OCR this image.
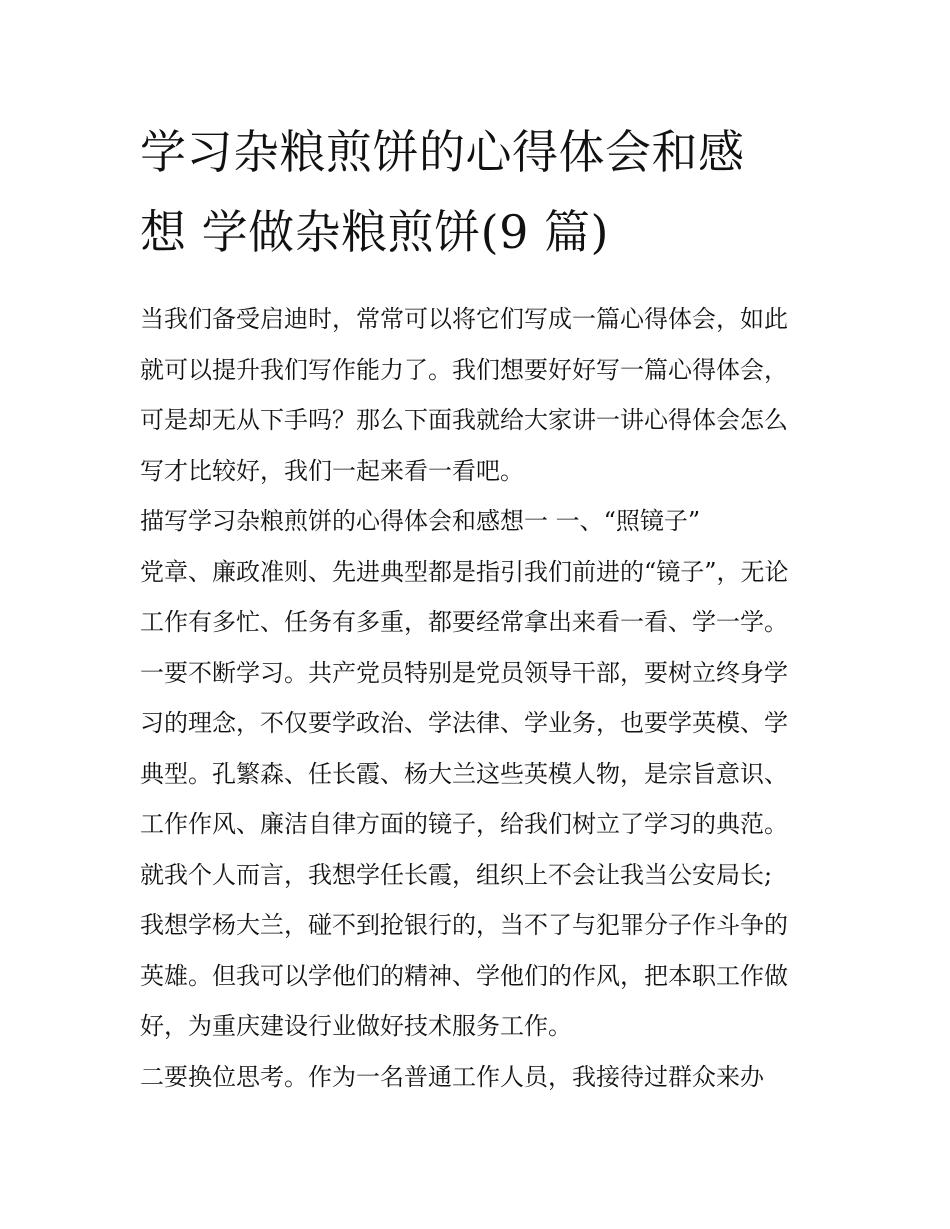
学习杂粮煎饼的心得体会和感
想 学做杂粮煎饼(9 篇)

当我们备受启迪时，常常可以将它们写成一篇心得体会，如此
就可以提升我们写作能力了。我们想要好好写一篇心得体会，
可是却无从下手吗？那么下面我就给大家讲一讲心得体会怎么
写才比较好，我们一起来看一看吧。

描写学习杂粮煎饼的心得体会和感想一 一、“照镜子”

党章、廉政准则、先进典型都是指引我们前进的“镜子”，无论
工作有多忙、任务有多重，都要经常拿出来看一看、学一学。

一要不断学习。共产党员特别是党员领导干部，要树立终身学
习的理念，不仅要学政治、学法律、学业务，也要学英模、学
典型。孔繁森、任长霞、杨大兰这些英模人物，是宗旨意识、
工作作风、廉洁自律方面的镜子，给我们树立了学习的典范。
就我个人而言，我想学任长霞，组织上不会让我当公安局长;
我想学杨大兰，碰不到抢银行的，当不了与犯罪分子作斗争的
英雄。但我可以学他们的精神、学他们的作风，把本职工作做
好，为重庆建设行业做好技术服务工作。

二要换位思考。作为一名普通工作人员，我接待过群众来办
